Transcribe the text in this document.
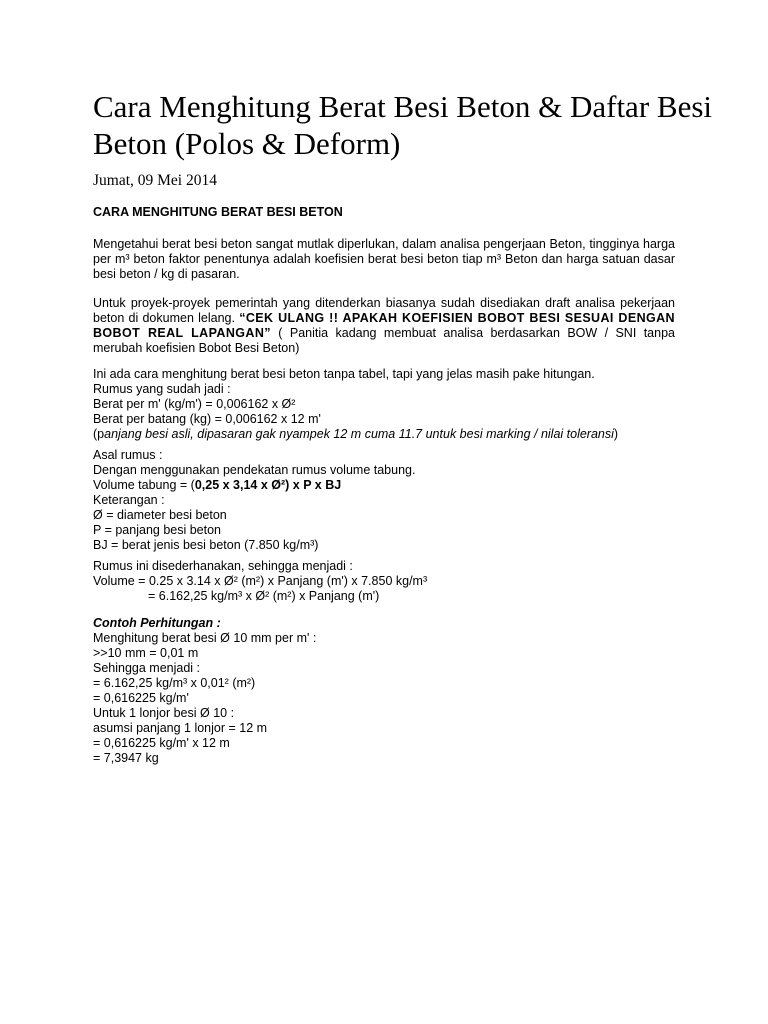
Cara Menghitung Berat Besi Beton & Daftar Besi Beton (Polos & Deform)
Jumat, 09 Mei 2014
CARA MENGHITUNG BERAT BESI BETON

Mengetahui berat besi beton sangat mutlak diperlukan, dalam analisa pengerjaan Beton, tingginya harga per m³ beton faktor penentunya adalah koefisien berat besi beton tiap m³ Beton dan harga satuan dasar besi beton / kg di pasaran.

Untuk proyek-proyek pemerintah yang ditenderkan biasanya sudah disediakan draft analisa pekerjaan beton di dokumen lelang. “CEK ULANG !! APAKAH KOEFISIEN BOBOT BESI SESUAI DENGAN BOBOT REAL LAPANGAN” ( Panitia kadang membuat analisa berdasarkan BOW / SNI tanpa merubah koefisien Bobot Besi Beton)

Ini ada cara menghitung berat besi beton tanpa tabel, tapi yang jelas masih pake hitungan.
Rumus yang sudah jadi :
Berat per m' (kg/m') = 0,006162 x Ø²
Berat per batang (kg) = 0,006162 x 12 m'
(panjang besi asli, dipasaran gak nyampek 12 m cuma 11.7 untuk besi marking / nilai toleransi)
Asal rumus :
Dengan menggunakan pendekatan rumus volume tabung.
Volume tabung = (0,25 x 3,14 x Ø²) x P x BJ
Keterangan :
Ø = diameter besi beton
P = panjang besi beton
BJ = berat jenis besi beton (7.850 kg/m³)
Rumus ini disederhanakan, sehingga menjadi :
Volume = 0.25 x 3.14 x Ø² (m²) x Panjang (m') x 7.850 kg/m³
= 6.162,25 kg/m³ x Ø² (m²) x Panjang (m')
Contoh Perhitungan :
Menghitung berat besi Ø 10 mm per m' :
>>10 mm = 0,01 m
Sehingga menjadi :
= 6.162,25 kg/m³ x 0,01² (m²)
= 0,616225 kg/m'
Untuk 1 lonjor besi Ø 10 :
asumsi panjang 1 lonjor = 12 m
= 0,616225 kg/m' x 12 m
= 7,3947 kg
